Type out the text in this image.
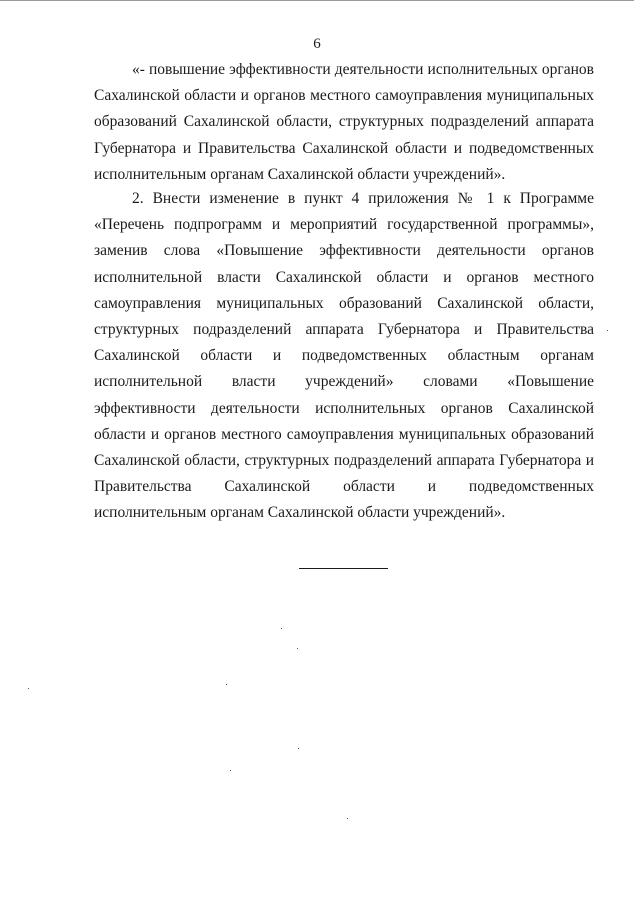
6

«- повышение эффективности деятельности исполнительных органов Сахалинской области и органов местного самоуправления муниципальных образований Сахалинской области, структурных подразделений аппарата Губернатора и Правительства Сахалинской области и подведомственных исполнительным органам Сахалинской области учреждений».

2. Внести изменение в пункт 4 приложения № 1 к Программе «Перечень подпрограмм и мероприятий государственной программы», заменив слова «Повышение эффективности деятельности органов исполнительной власти Сахалинской области и органов местного самоуправления муниципальных образований Сахалинской области, структурных подразделений аппарата Губернатора и Правительства Сахалинской области и подведомственных областным органам исполнительной власти учреждений» словами «Повышение эффективности деятельности исполнительных органов Сахалинской области и органов местного самоуправления муниципальных образований Сахалинской области, структурных подразделений аппарата Губернатора и Правительства Сахалинской области и подведомственных исполнительным органам Сахалинской области учреждений».
